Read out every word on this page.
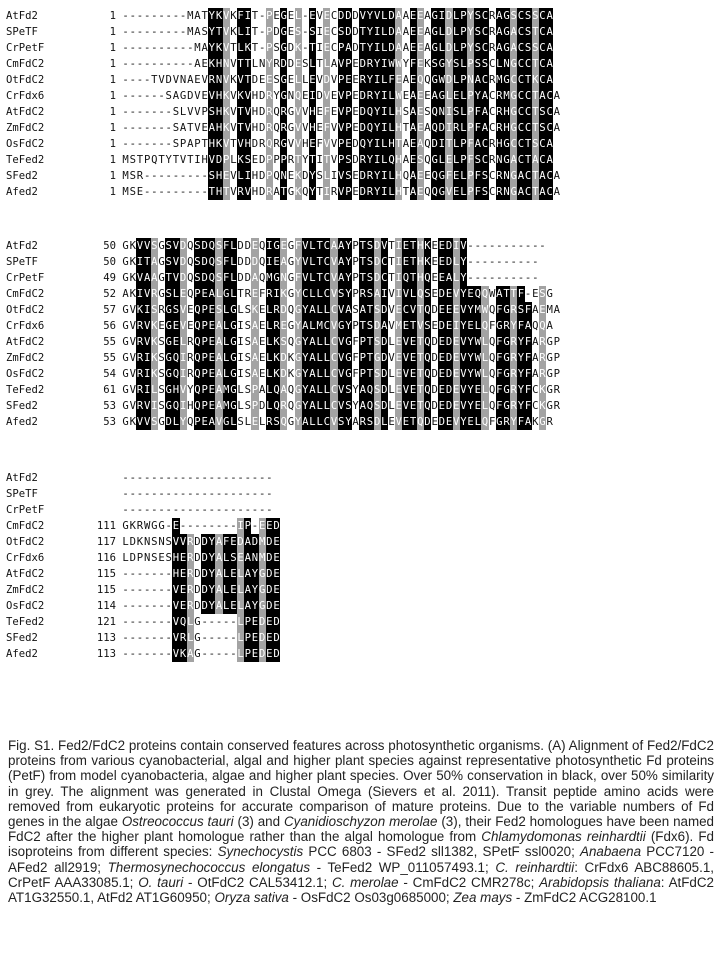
AtFd2	1 ---------MATYKVKFIT-PEGEL-EVECDDDVYVLDAAEEAGIDLPYSCRAGSCSSCA
SPeTF	1 ---------MASYTVKLIT-PDGES-SIECSDDTYILDAAEEAGLDLPYSCRAGACSTCA
CrPetF	1 ----------MAYKVTLKT-PSGDK-TIECPADTYILDAAEEAGLDLPYSCRAGACSSCA
CmFdC2	1 ----------AEKHNVTTLNYRDDESLTLAVPEDRYIWWYFEKSGYSLPSSCLNGCCTCA
OtFdC2	1 ----TVDVNAEVRNVKVTDEESGELLEVDVPEERYILFEAEQQGWDLPNACRMGCCTKCA
CrFdx6	1 ------SAGDVEVHKVKVHDRYGNQEIDVEVPEDRYILWEAEEAGLELPYACRMGCCTACA
AtFdC2	1 -------SLVVPSHKVTVHDRQRGVVHEFEVPEDQYILHSAESQNISLPFACRHGCCTSCA
ZmFdC2	1 -------SATVEAHKVTVHDRQRGVVHEFVVPEDQYILHTAEAQDIRLPFACRHGCCTSCA
OsFdC2	1 -------SPAPTHKVTVHDRQRGVVHEFVVPEDQYILHTAEAQDITLPFACRHGCCTSCA
TeFed2	1 MSTPQTYTVTIHVDPLKSEDPPPRTYTITVPSDRYILQHAESQGLELPFSCRNGACTACA
SFed2	1 MSR---------SHEVLIHDPQNEKDYSLIVSEDRYILHQAEEQGFELPFSCRNGACTACA
Afed2	1 MSE---------THTVRVHDRATGKQYTIRVPEDRYILHTAEQQGVELPFSCRNGACTACA
AtFd2	50 GKVVSGSVDQSDQSFLDDEQIGEGFVLTCAAYPTSDVTIETHKEEDIV-----------
SPeTF	50 GKITAGSVDQSDQSFLDDDQIEAGYVLTCVAYPTSDCTIETHKEEDLY----------
CrPetF	49 GKVAAGTVDQSDQSFLDDAQMGNGFVLTCVAYPTSDCTIQTHQEEALY----------
CmFdC2	52 AKIVRGSLEQPEALGLTREFRIKGYCLLCVSYPRSAIVIVLQSEDEVYEQQWATTF-ESG
OtFdC2	57 GVKISRGSVEQPESLGLSKELRDQGYALLCVASATSDVECVTQDEEEVYMWQFGRSFAEMA
CrFdx6	56 GVRVKEGEVEQPEALGISAELREGYALMCVGYPTSDAVMETVSEDEIYELQFGRYFAQQA
AtFdC2	55 GVRVKSGELRQPEALGISAELKSQGYALLCVGFPTSDLEVETQDEDEVYWLQFGRYFARGP
ZmFdC2	55 GVRIKSGQIRQPEALGISAELKDKGYALLCVGFPTGDVEVETQDEDEVYWLQFGRYFARGP
OsFdC2	54 GVRIKSGQIRQPEALGISAELKDKGYALLCVGFPTSDLEVETQDEDEVYWLQFGRYFARGP
TeFed2	61 GVRILSGHVYQPEAMGLSPALQAQGYALLCVSYAQSDLEVETQDEDEVYELQFGRYFCKGR
SFed2	53 GVRVISGQIHQPEAMGLSPDLQRQGYALLCVSYAQSDLEVETQDEDEVYELQFGRYFCKGR
Afed2	53 GKVVSGDLYQPEAVGLSLELRSQGYALLCVSYARSDLEVETQDEDEVYELQFGRYFAKGR
AtFd2	---------------------
SPeTF	---------------------
CrPetF	---------------------
CmFdC2	111 GKRWGG-E--------IP-EED
OtFdC2	117 LDKNSNSVVRDDYAFEDADMDE
CrFdx6	116 LDPNSESHERDDYALSEANMDE
AtFdC2	115 -------HERDDYALELAYGDE
ZmFdC2	115 -------VERDDYALELAYGDE
OsFdC2	114 -------VERDDYALELAYGDE
TeFed2	121 -------VQLG-----LPEDED
SFed2	113 -------VRLG-----LPEDED
Afed2	113 -------VKAG-----LPEDED
Fig. S1. Fed2/FdC2 proteins contain conserved features across photosynthetic organisms. (A) Alignment of Fed2/FdC2 proteins from various cyanobacterial, algal and higher plant species against representative photosynthetic Fd proteins (PetF) from model cyanobacteria, algae and higher plant species. Over 50% conservation in black, over 50% similarity in grey. The alignment was generated in Clustal Omega (Sievers et al. 2011). Transit peptide amino acids were removed from eukaryotic proteins for accurate comparison of mature proteins. Due to the variable numbers of Fd genes in the algae Ostreococcus tauri (3) and Cyanidioschyzon merolae (3), their Fed2 homologues have been named FdC2 after the higher plant homologue rather than the algal homologue from Chlamydomonas reinhardtii (Fdx6). Fd isoproteins from different species: Synechocystis PCC 6803 - SFed2 sll1382, SPetF ssl0020; Anabaena PCC7120 - AFed2 all2919; Thermosynechococcus elongatus - TeFed2 WP_011057493.1; C. reinhardtii: CrFdx6 ABC88605.1, CrPetF AAA33085.1; O. tauri - OtFdC2 CAL53412.1; C. merolae - CmFdC2 CMR278c; Arabidopsis thaliana: AtFdC2 AT1G32550.1, AtFd2 AT1G60950; Oryza sativa - OsFdC2 Os03g0685000; Zea mays - ZmFdC2 ACG28100.1
